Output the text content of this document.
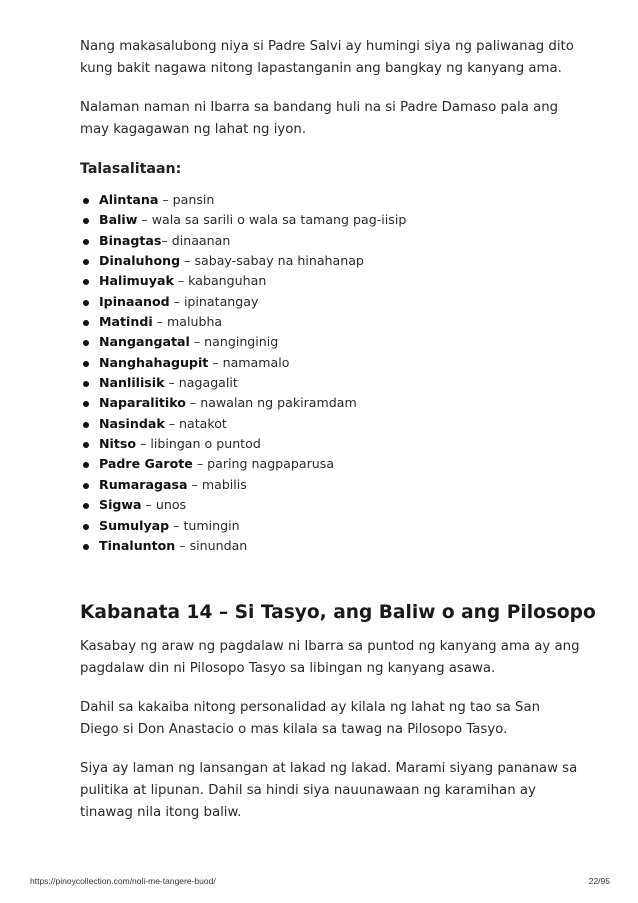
Nang makasalubong niya si Padre Salvi ay humingi siya ng paliwanag dito kung bakit nagawa nitong lapastanganin ang bangkay ng kanyang ama.

Nalaman naman ni Ibarra sa bandang huli na si Padre Damaso pala ang may kagagawan ng lahat ng iyon.

Talasalitaan:
Alintana – pansin
Baliw – wala sa sarili o wala sa tamang pag-iisip
Binagtas– dinaanan
Dinaluhong – sabay-sabay na hinahanap
Halimuyak – kabanguhan
Ipinaanod – ipinatangay
Matindi – malubha
Nangangatal – nanginginig
Nanghahagupit – namamalo
Nanlilisik – nagagalit
Naparalitiko – nawalan ng pakiramdam
Nasindak – natakot
Nitso – libingan o puntod
Padre Garote – paring nagpaparusa
Rumaragasa – mabilis
Sigwa – unos
Sumulyap – tumingin
Tinalunton – sinundan
Kabanata 14 – Si Tasyo, ang Baliw o ang Pilosopo

Kasabay ng araw ng pagdalaw ni Ibarra sa puntod ng kanyang ama ay ang pagdalaw din ni Pilosopo Tasyo sa libingan ng kanyang asawa.

Dahil sa kakaiba nitong personalidad ay kilala ng lahat ng tao sa San Diego si Don Anastacio o mas kilala sa tawag na Pilosopo Tasyo.

Siya ay laman ng lansangan at lakad ng lakad. Marami siyang pananaw sa pulitika at lipunan. Dahil sa hindi siya nauunawaan ng karamihan ay tinawag nila itong baliw.

https://pinoycollection.com/noli-me-tangere-buod/	22/95
